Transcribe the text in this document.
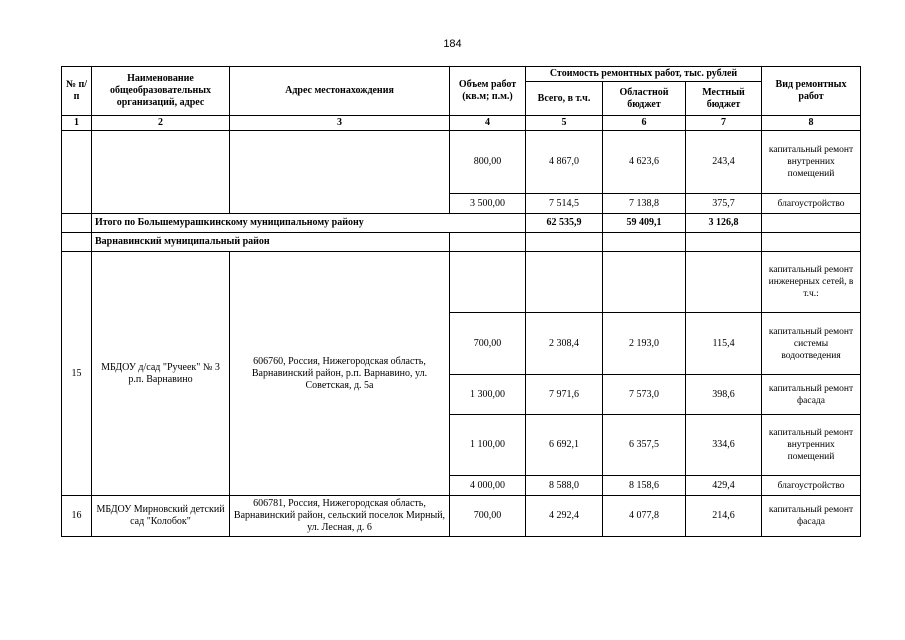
184
№ п/п	Наименование общеобразовательных организаций, адрес	Адрес местонахождения	Объем работ (кв.м; п.м.)	Стоимость ремонтных работ, тыс. рублей			Вид ремонтных работ
				Всего, в т.ч.	Областной бюджет	Местный бюджет	
1	2	3	4	5	6	7	8
			800,00	4 867,0	4 623,6	243,4	капитальный ремонт внутренних помещений
			3 500,00	7 514,5	7 138,8	375,7	благоустройство
	Итого по Большемурашкинскому муниципальному району			62 535,9	59 409,1	3 126,8	
	Варнавинский муниципальный район						
15	МБДОУ д/сад "Ручеек" № 3 р.п. Варнавино	606760, Россия, Нижегородская область, Варнавинский район, р.п. Варнавино, ул. Советская, д. 5а					капитальный ремонт инженерных сетей, в т.ч.:
			700,00	2 308,4	2 193,0	115,4	капитальный ремонт системы водоотведения
			1 300,00	7 971,6	7 573,0	398,6	капитальный ремонт фасада
			1 100,00	6 692,1	6 357,5	334,6	капитальный ремонт внутренних помещений
			4 000,00	8 588,0	8 158,6	429,4	благоустройство
16	МБДОУ Мирновский детский сад "Колобок"	606781, Россия, Нижегородская область, Варнавинский район, сельский поселок Мирный, ул. Лесная, д. 6	700,00	4 292,4	4 077,8	214,6	капитальный ремонт фасада
